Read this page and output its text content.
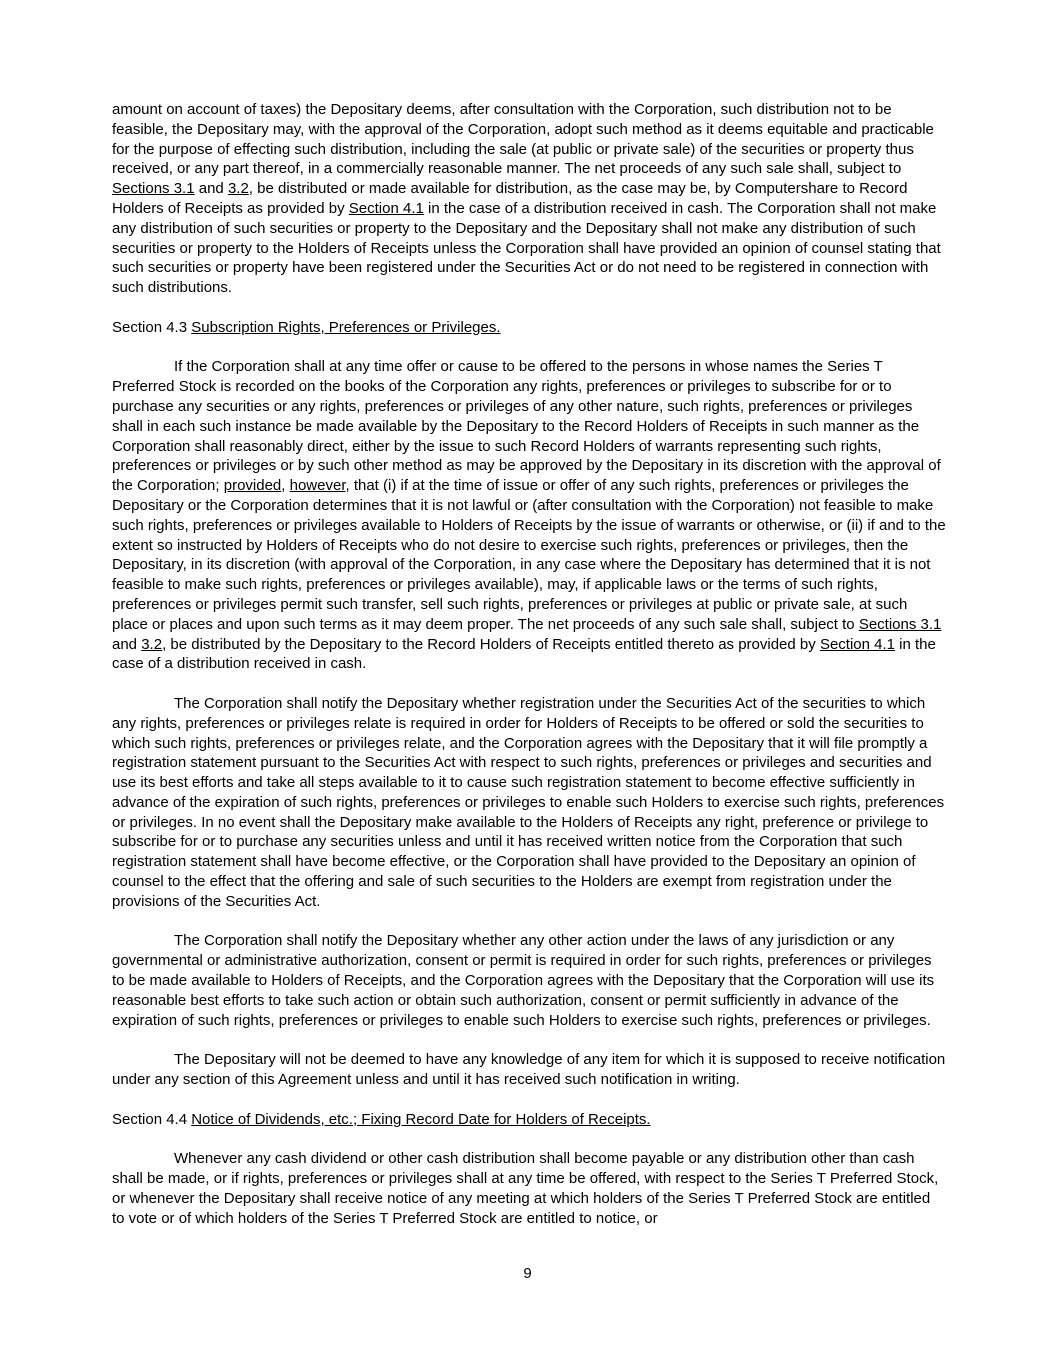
amount on account of taxes) the Depositary deems, after consultation with the Corporation, such distribution not to be feasible, the Depositary may, with the approval of the Corporation, adopt such method as it deems equitable and practicable for the purpose of effecting such distribution, including the sale (at public or private sale) of the securities or property thus received, or any part thereof, in a commercially reasonable manner. The net proceeds of any such sale shall, subject to Sections 3.1 and 3.2, be distributed or made available for distribution, as the case may be, by Computershare to Record Holders of Receipts as provided by Section 4.1 in the case of a distribution received in cash. The Corporation shall not make any distribution of such securities or property to the Depositary and the Depositary shall not make any distribution of such securities or property to the Holders of Receipts unless the Corporation shall have provided an opinion of counsel stating that such securities or property have been registered under the Securities Act or do not need to be registered in connection with such distributions.

Section 4.3 Subscription Rights, Preferences or Privileges.

If the Corporation shall at any time offer or cause to be offered to the persons in whose names the Series T Preferred Stock is recorded on the books of the Corporation any rights, preferences or privileges to subscribe for or to purchase any securities or any rights, preferences or privileges of any other nature, such rights, preferences or privileges shall in each such instance be made available by the Depositary to the Record Holders of Receipts in such manner as the Corporation shall reasonably direct, either by the issue to such Record Holders of warrants representing such rights, preferences or privileges or by such other method as may be approved by the Depositary in its discretion with the approval of the Corporation; provided, however, that (i) if at the time of issue or offer of any such rights, preferences or privileges the Depositary or the Corporation determines that it is not lawful or (after consultation with the Corporation) not feasible to make such rights, preferences or privileges available to Holders of Receipts by the issue of warrants or otherwise, or (ii) if and to the extent so instructed by Holders of Receipts who do not desire to exercise such rights, preferences or privileges, then the Depositary, in its discretion (with approval of the Corporation, in any case where the Depositary has determined that it is not feasible to make such rights, preferences or privileges available), may, if applicable laws or the terms of such rights, preferences or privileges permit such transfer, sell such rights, preferences or privileges at public or private sale, at such place or places and upon such terms as it may deem proper. The net proceeds of any such sale shall, subject to Sections 3.1 and 3.2, be distributed by the Depositary to the Record Holders of Receipts entitled thereto as provided by Section 4.1 in the case of a distribution received in cash.

The Corporation shall notify the Depositary whether registration under the Securities Act of the securities to which any rights, preferences or privileges relate is required in order for Holders of Receipts to be offered or sold the securities to which such rights, preferences or privileges relate, and the Corporation agrees with the Depositary that it will file promptly a registration statement pursuant to the Securities Act with respect to such rights, preferences or privileges and securities and use its best efforts and take all steps available to it to cause such registration statement to become effective sufficiently in advance of the expiration of such rights, preferences or privileges to enable such Holders to exercise such rights, preferences or privileges. In no event shall the Depositary make available to the Holders of Receipts any right, preference or privilege to subscribe for or to purchase any securities unless and until it has received written notice from the Corporation that such registration statement shall have become effective, or the Corporation shall have provided to the Depositary an opinion of counsel to the effect that the offering and sale of such securities to the Holders are exempt from registration under the provisions of the Securities Act.

The Corporation shall notify the Depositary whether any other action under the laws of any jurisdiction or any governmental or administrative authorization, consent or permit is required in order for such rights, preferences or privileges to be made available to Holders of Receipts, and the Corporation agrees with the Depositary that the Corporation will use its reasonable best efforts to take such action or obtain such authorization, consent or permit sufficiently in advance of the expiration of such rights, preferences or privileges to enable such Holders to exercise such rights, preferences or privileges.

The Depositary will not be deemed to have any knowledge of any item for which it is supposed to receive notification under any section of this Agreement unless and until it has received such notification in writing.

Section 4.4 Notice of Dividends, etc.; Fixing Record Date for Holders of Receipts.

Whenever any cash dividend or other cash distribution shall become payable or any distribution other than cash shall be made, or if rights, preferences or privileges shall at any time be offered, with respect to the Series T Preferred Stock, or whenever the Depositary shall receive notice of any meeting at which holders of the Series T Preferred Stock are entitled to vote or of which holders of the Series T Preferred Stock are entitled to notice, or

9
